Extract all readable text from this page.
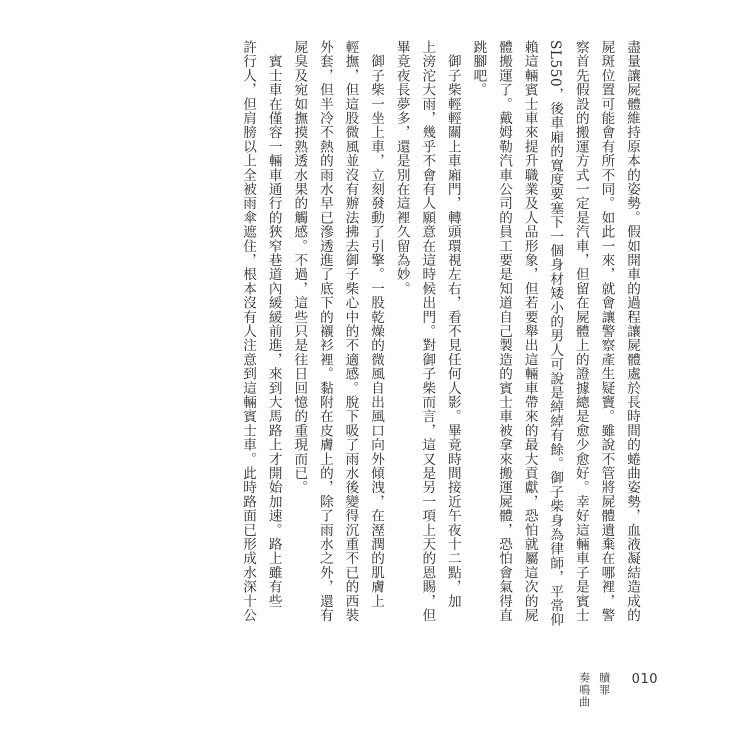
盡量讓屍體維持原本的姿勢。假如開車的過程讓屍體處於長時間的蜷曲姿勢，血液凝結造成的
屍斑位置可能會有所不同。如此一來，就會讓警察產生疑竇。雖說不管將屍體遺棄在哪裡，警
察首先假設的搬運方式一定是汽車，但留在屍體上的證據總是愈少愈好。幸好這輛車子是賓士
SL550，後車廂的寬度要塞下一個身材矮小的男人可說是綽綽有餘。御子柴身為律師，平常仰
賴這輛賓士車來提升職業及人品形象，但若要舉出這輛車帶來的最大貢獻，恐怕就屬這次的屍
體搬運了。戴姆勒汽車公司的員工要是知道自己製造的賓士車被拿來搬運屍體，恐怕會氣得直
跳腳吧。
　御子柴輕輕關上車廂門，轉頭環視左右，看不見任何人影。畢竟時間接近午夜十二點，加
上滂沱大雨，幾乎不會有人願意在這時候出門。對御子柴而言，這又是另一項上天的恩賜，但
畢竟夜長夢多，還是別在這裡久留為妙。
　御子柴一坐上車，立刻發動了引擎。一股乾燥的微風自出風口向外傾洩，在溼潤的肌膚上
輕撫，但這股微風並沒有辦法拂去御子柴心中的不適感。脫下吸了雨水後變得沉重不已的西裝
外套，但半冷不熱的雨水早已滲透進了底下的襯衫裡。黏附在皮膚上的，除了雨水之外，還有
屍臭及宛如撫摸熟透水果的觸感。不過，這些只是往日回憶的重現而已。
　賓士車在僅容一輛車通行的狹窄巷道內緩緩前進，來到大馬路上才開始加速。路上雖有些
許行人，但肩膀以上全被雨傘遮住，根本沒有人注意到這輛賓士車。此時路面已形成水深十公
010
贖罪
奏鳴曲
